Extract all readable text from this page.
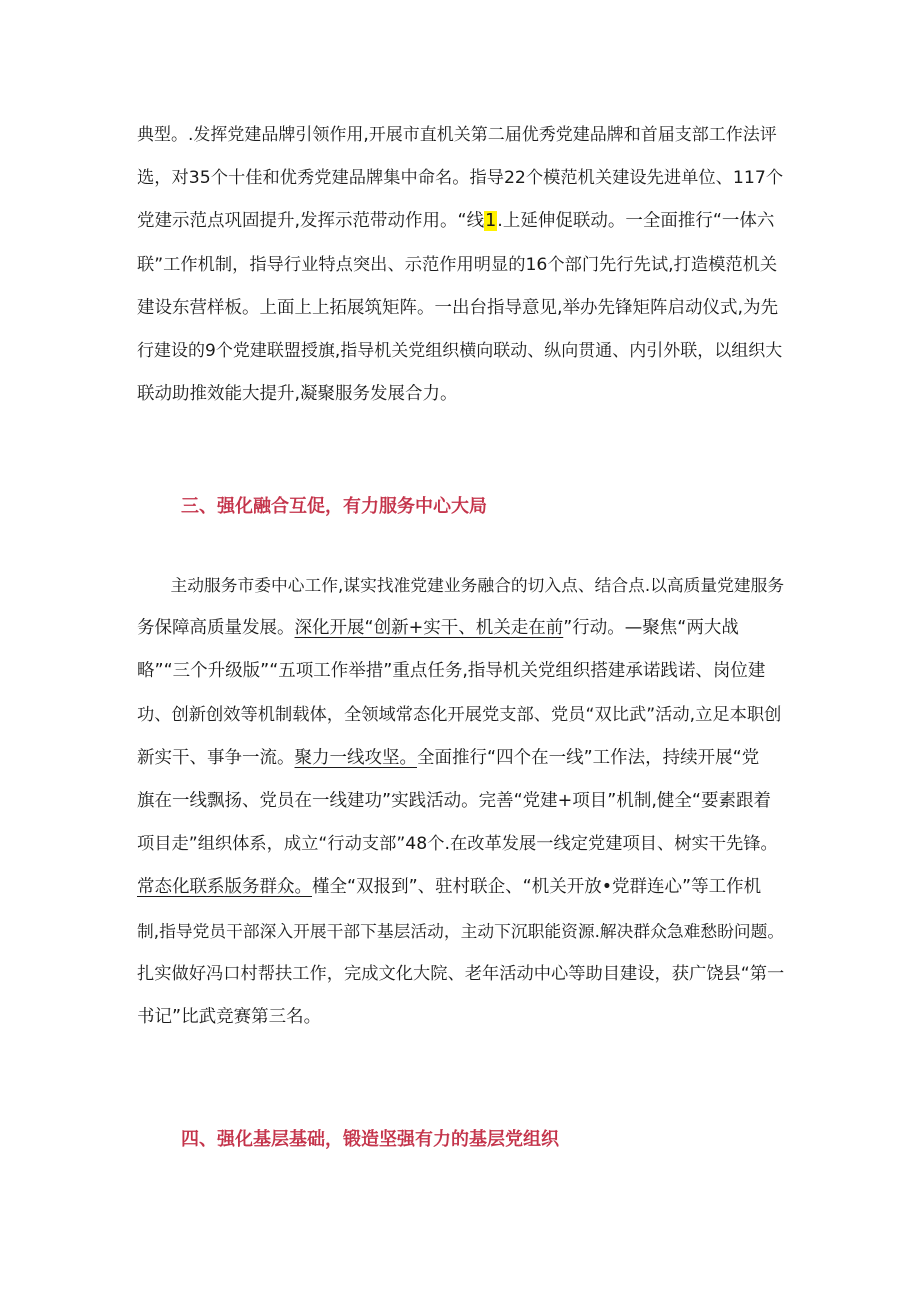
典型。.发挥党建品牌引领作用,开展市直机关第二届优秀党建品牌和首届支部工作法评
选，对35个十佳和优秀党建品牌集中命名。指导22个模范机关建设先进单位、117个
党建示范点巩固提升,发挥示范带动作用。“线1.上延伸促联动。一全面推行“一体六
联”工作机制，指导行业特点突出、示范作用明显的16个部门先行先试,打造模范机关
建设东营样板。上面上上拓展筑矩阵。一出台指导意见,举办先锋矩阵启动仪式,为先
行建设的9个党建联盟授旗,指导机关党组织横向联动、纵向贯通、内引外联，以组织大
联动助推效能大提升,凝聚服务发展合力。
三、强化融合互促，有力服务中心大局
　　主动服务市委中心工作,谋实找准党建业务融合的切入点、结合点.以高质量党建服务
务保障高质量发展。深化开展“创新+实干、机关走在前”行动。—聚焦“两大战
略”“三个升级版”“五项工作举措”重点任务,指导机关党组织搭建承诺践诺、岗位建
功、创新创效等机制载体，全领域常态化开展党支部、党员“双比武”活动,立足本职创
新实干、事争一流。聚力一线攻坚。全面推行“四个在一线”工作法，持续开展“党
旗在一线飘扬、党员在一线建功”实践活动。完善“党建+项目”机制,健全“要素跟着
项目走”组织体系，成立“行动支部”48个.在改革发展一线定党建项目、树实干先锋。
常态化联系版务群众。槿全“双报到”、驻村联企、“机关开放•党群连心”等工作机
制,指导党员干部深入开展干部下基层活动，主动下沉职能资源.解决群众急难愁盼问题。
扎实做好冯口村帮扶工作，完成文化大院、老年活动中心等助目建设，获广饶县“第一
书记”比武竞赛第三名。
四、强化基层基础，锻造坚强有力的基层党组织
